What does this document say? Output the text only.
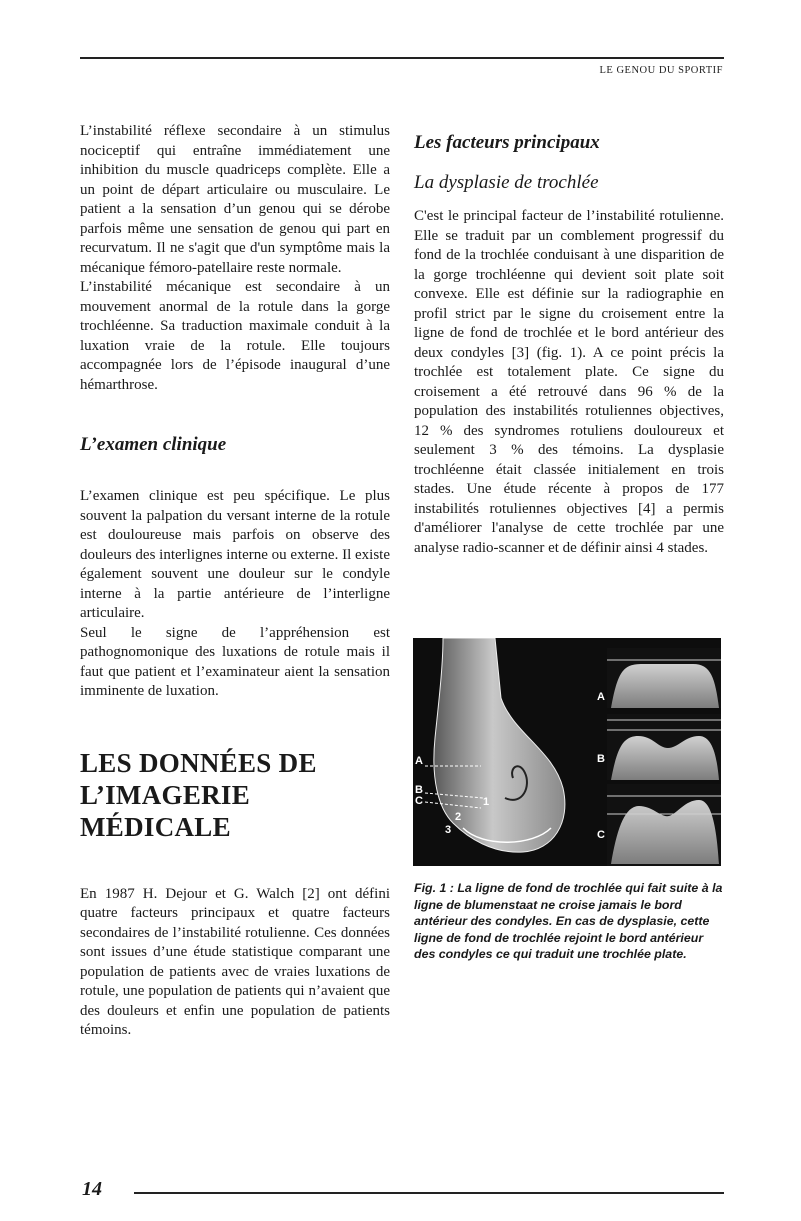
LE GENOU DU SPORTIF

L’instabilité réflexe secondaire à un stimulus nociceptif qui entraîne immédiatement une inhibition du muscle quadriceps complète. Elle a un point de départ articulaire ou musculaire. Le patient a la sensation d’un genou qui se dérobe parfois même une sensation de genou qui part en recurvatum. Il ne s'agit que d'un symptôme mais la mécanique fémoro-patellaire reste normale.

L’instabilité mécanique est secondaire à un mouvement anormal de la rotule dans la gorge trochléenne. Sa traduction maximale conduit à la luxation vraie de la rotule. Elle toujours accompagnée lors de l’épisode inaugural d’une hémarthrose.

L’examen clinique

L’examen clinique est peu spécifique. Le plus souvent la palpation du versant interne de la rotule est douloureuse mais parfois on observe des douleurs des interlignes interne ou externe. Il existe également souvent une douleur sur le condyle interne à la partie antérieure de l’interligne articulaire.

Seul le signe de l’appréhension est pathognomonique des luxations de rotule mais il faut que patient et l’examinateur aient la sensation imminente de luxation.

LES DONNÉES DE
L’IMAGERIE MÉDICALE

En 1987 H. Dejour et G. Walch [2] ont défini quatre facteurs principaux et quatre facteurs secondaires de l’instabilité rotulienne. Ces données sont issues d’une étude statistique comparant une population de patients avec de vraies luxations de rotule, une population de patients qui n’avaient que des douleurs et enfin une population de patients témoins.

Les facteurs principaux
La dysplasie de trochlée

C'est le principal facteur de l’instabilité rotulienne. Elle se traduit par un comblement progressif du fond de la trochlée conduisant à une disparition de la gorge trochléenne qui devient soit plate soit convexe. Elle est définie sur la radiographie en profil strict par le signe du croisement entre la ligne de fond de trochlée et le bord antérieur des deux condyles [3] (fig. 1). A ce point précis la trochlée est totalement plate. Ce signe du croisement a été retrouvé dans 96 % de la population des instabilités rotuliennes objectives, 12 % des syndromes rotuliens douloureux et seulement 3 % des témoins. La dysplasie trochléenne était classée initialement en trois stades. Une étude récente à propos de 177 instabilités rotuliennes objectives [4] a permis d'améliorer l'analyse de cette trochlée par une analyse radio-scanner et de définir ainsi 4 stades.

A
B
C	1
2
3
A
B
C
Fig. 1 : La ligne de fond de trochlée qui fait suite à la ligne de blumenstaat ne croise jamais le bord antérieur des condyles. En cas de dysplasie, cette ligne de fond de trochlée rejoint le bord antérieur des condyles ce qui traduit une trochlée plate.
14
